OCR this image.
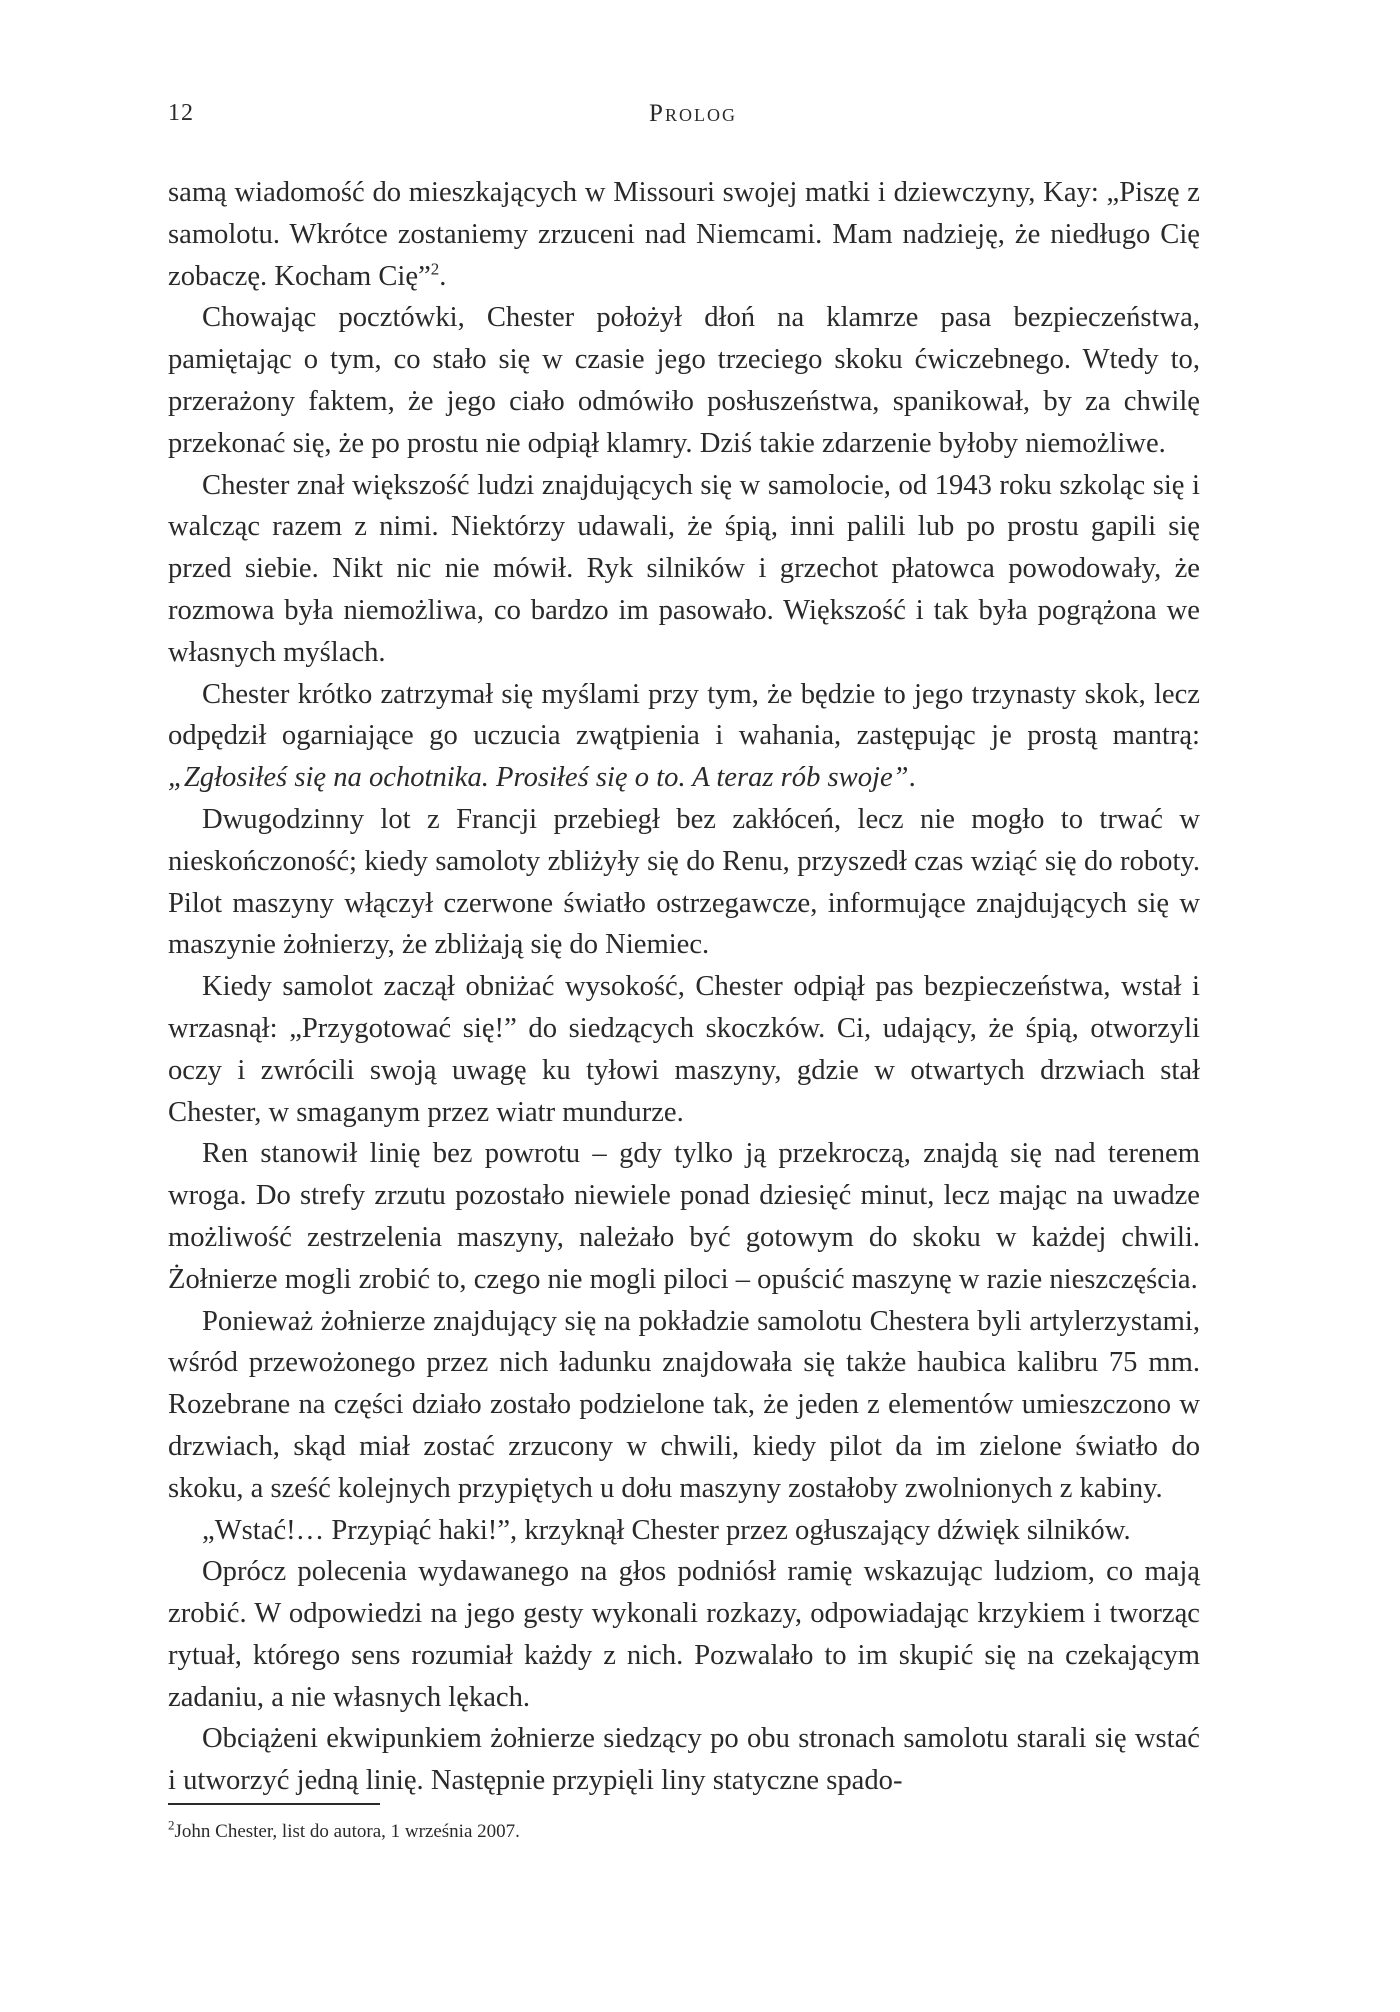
12	Prolog

samą wiadomość do mieszkających w Missouri swojej matki i dziewczyny, Kay: „Piszę z samolotu. Wkrótce zostaniemy zrzuceni nad Niemcami. Mam nadzieję, że niedługo Cię zobaczę. Kocham Cię”$^2$.

Chowając pocztówki, Chester położył dłoń na klamrze pasa bezpieczeństwa, pamiętając o tym, co stało się w czasie jego trzeciego skoku ćwiczebnego. Wtedy to, przerażony faktem, że jego ciało odmówiło posłuszeństwa, spanikował, by za chwilę przekonać się, że po prostu nie odpiął klamry. Dziś takie zdarzenie byłoby niemożliwe.

Chester znał większość ludzi znajdujących się w samolocie, od 1943 roku szkoląc się i walcząc razem z nimi. Niektórzy udawali, że śpią, inni palili lub po prostu gapili się przed siebie. Nikt nic nie mówił. Ryk silników i grzechot płatowca powodowały, że rozmowa była niemożliwa, co bardzo im pasowało. Większość i tak była pogrążona we własnych myślach.

Chester krótko zatrzymał się myślami przy tym, że będzie to jego trzynasty skok, lecz odpędził ogarniające go uczucia zwątpienia i wahania, zastępując je prostą mantrą: „Zgłosiłeś się na ochotnika. Prosiłeś się o to. A teraz rób swoje”.

Dwugodzinny lot z Francji przebiegł bez zakłóceń, lecz nie mogło to trwać w nieskończoność; kiedy samoloty zbliżyły się do Renu, przyszedł czas wziąć się do roboty. Pilot maszyny włączył czerwone światło ostrzegawcze, informujące znajdujących się w maszynie żołnierzy, że zbliżają się do Niemiec.

Kiedy samolot zaczął obniżać wysokość, Chester odpiął pas bezpieczeństwa, wstał i wrzasnął: „Przygotować się!” do siedzących skoczków. Ci, udający, że śpią, otworzyli oczy i zwrócili swoją uwagę ku tyłowi maszyny, gdzie w otwartych drzwiach stał Chester, w smaganym przez wiatr mundurze.

Ren stanowił linię bez powrotu – gdy tylko ją przekroczą, znajdą się nad terenem wroga. Do strefy zrzutu pozostało niewiele ponad dziesięć minut, lecz mając na uwadze możliwość zestrzelenia maszyny, należało być gotowym do skoku w każdej chwili. Żołnierze mogli zrobić to, czego nie mogli piloci – opuścić maszynę w razie nieszczęścia.

Ponieważ żołnierze znajdujący się na pokładzie samolotu Chestera byli artylerzystami, wśród przewożonego przez nich ładunku znajdowała się także haubica kalibru 75 mm. Rozebrane na części działo zostało podzielone tak, że jeden z elementów umieszczono w drzwiach, skąd miał zostać zrzucony w chwili, kiedy pilot da im zielone światło do skoku, a sześć kolejnych przypiętych u dołu maszyny zostałoby zwolnionych z kabiny.

„Wstać!… Przypiąć haki!”, krzyknął Chester przez ogłuszający dźwięk silników.

Oprócz polecenia wydawanego na głos podniósł ramię wskazując ludziom, co mają zrobić. W odpowiedzi na jego gesty wykonali rozkazy, odpowiadając krzykiem i tworząc rytuał, którego sens rozumiał każdy z nich. Pozwalało to im skupić się na czekającym zadaniu, a nie własnych lękach.

Obciążeni ekwipunkiem żołnierze siedzący po obu stronach samolotu starali się wstać i utworzyć jedną linię. Następnie przypięli liny statyczne spado-

$^2$John Chester, list do autora, 1 września 2007.
